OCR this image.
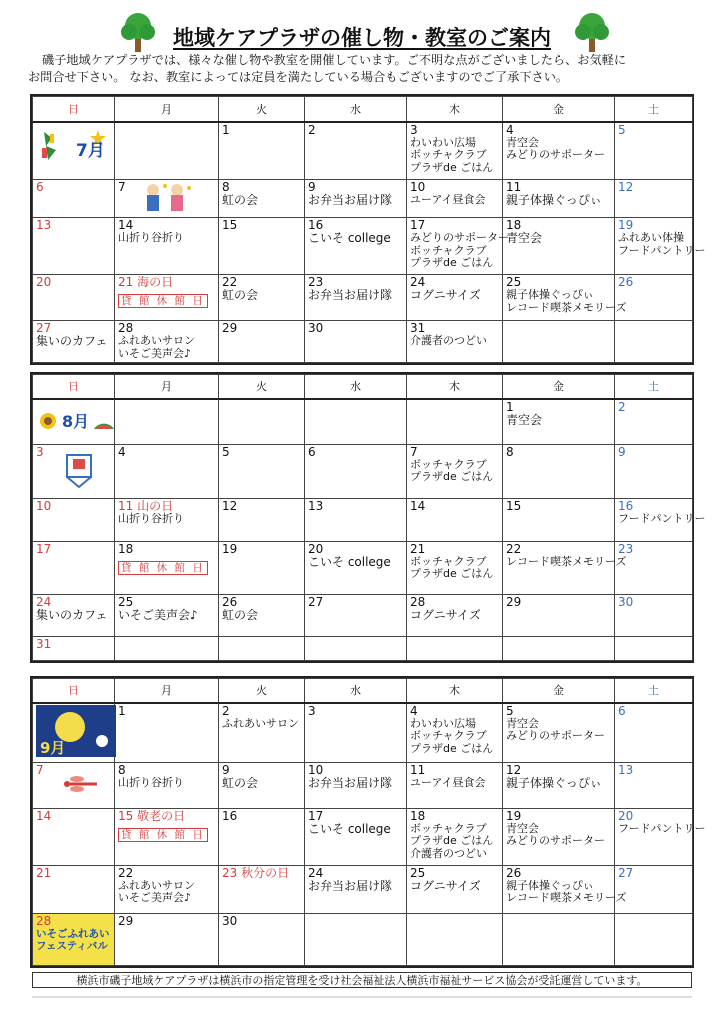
地域ケアプラザの催し物・教室のご案内

磯子地域ケアプラザでは、様々な催し物や教室を開催しています。ご不明な点がございましたら、お気軽に

お問合せ下さい。 なお、教室によっては定員を満たしている場合もございますのでご了承下さい。

日	月	火	水	木	金	土

7月		1	2	3
わいわい広場
ボッチャクラブ
プラザde ごはん	4
青空会
みどりのサポーター	5

6	7	8
虹の会	9
お弁当お届け隊	10
ユーアイ昼食会	11
親子体操ぐっぴぃ	12

13	14
山折り谷折り	15	16
こいそ college	17
みどりのサポーター
ボッチャクラブ
プラザde ごはん	18
青空会	19
ふれあい体操
フードパントリー

20	21 海の日
貸 館 休 館 日	22
虹の会	23
お弁当お届け隊	24
コグニサイズ	25
親子体操ぐっぴぃ
レコード喫茶メモリーズ	26

27
集いのカフェ	28
ふれあいサロン
いそご美声会♪	29	30	31
介護者のつどい		

日	月	火	水	木	金	土

8月					1
青空会	2

3	4	5	6	7
ボッチャクラブ
プラザde ごはん	8	9

10	11 山の日
山折り谷折り	12	13	14	15	16
フードパントリー

17	18
貸 館 休 館 日	19	20
こいそ college	21
ボッチャクラブ
プラザde ごはん	22
レコード喫茶メモリーズ	23

24
集いのカフェ	25
いそご美声会♪	26
虹の会	27	28
コグニサイズ	29	30

31						

日	月	火	水	木	金	土

9月	1	2
ふれあいサロン	3	4
わいわい広場
ボッチャクラブ
プラザde ごはん	5
青空会
みどりのサポーター	6

7	8
山折り谷折り	9
虹の会	10
お弁当お届け隊	11
ユーアイ昼食会	12
親子体操ぐっぴぃ	13

14	15 敬老の日
貸 館 休 館 日	16	17
こいそ college	18
ボッチャクラブ
プラザde ごはん
介護者のつどい	19
青空会
みどりのサポーター	20
フードパントリー

21	22
ふれあいサロン
いそご美声会♪	23 秋分の日	24
お弁当お届け隊	25
コグニサイズ	26
親子体操ぐっぴぃ
レコード喫茶メモリーズ	27

28
いそごふれあい
フェスティバル	29	30				

横浜市磯子地域ケアプラザは横浜市の指定管理を受け社会福祉法人横浜市福祉サービス協会が受託運営しています。
